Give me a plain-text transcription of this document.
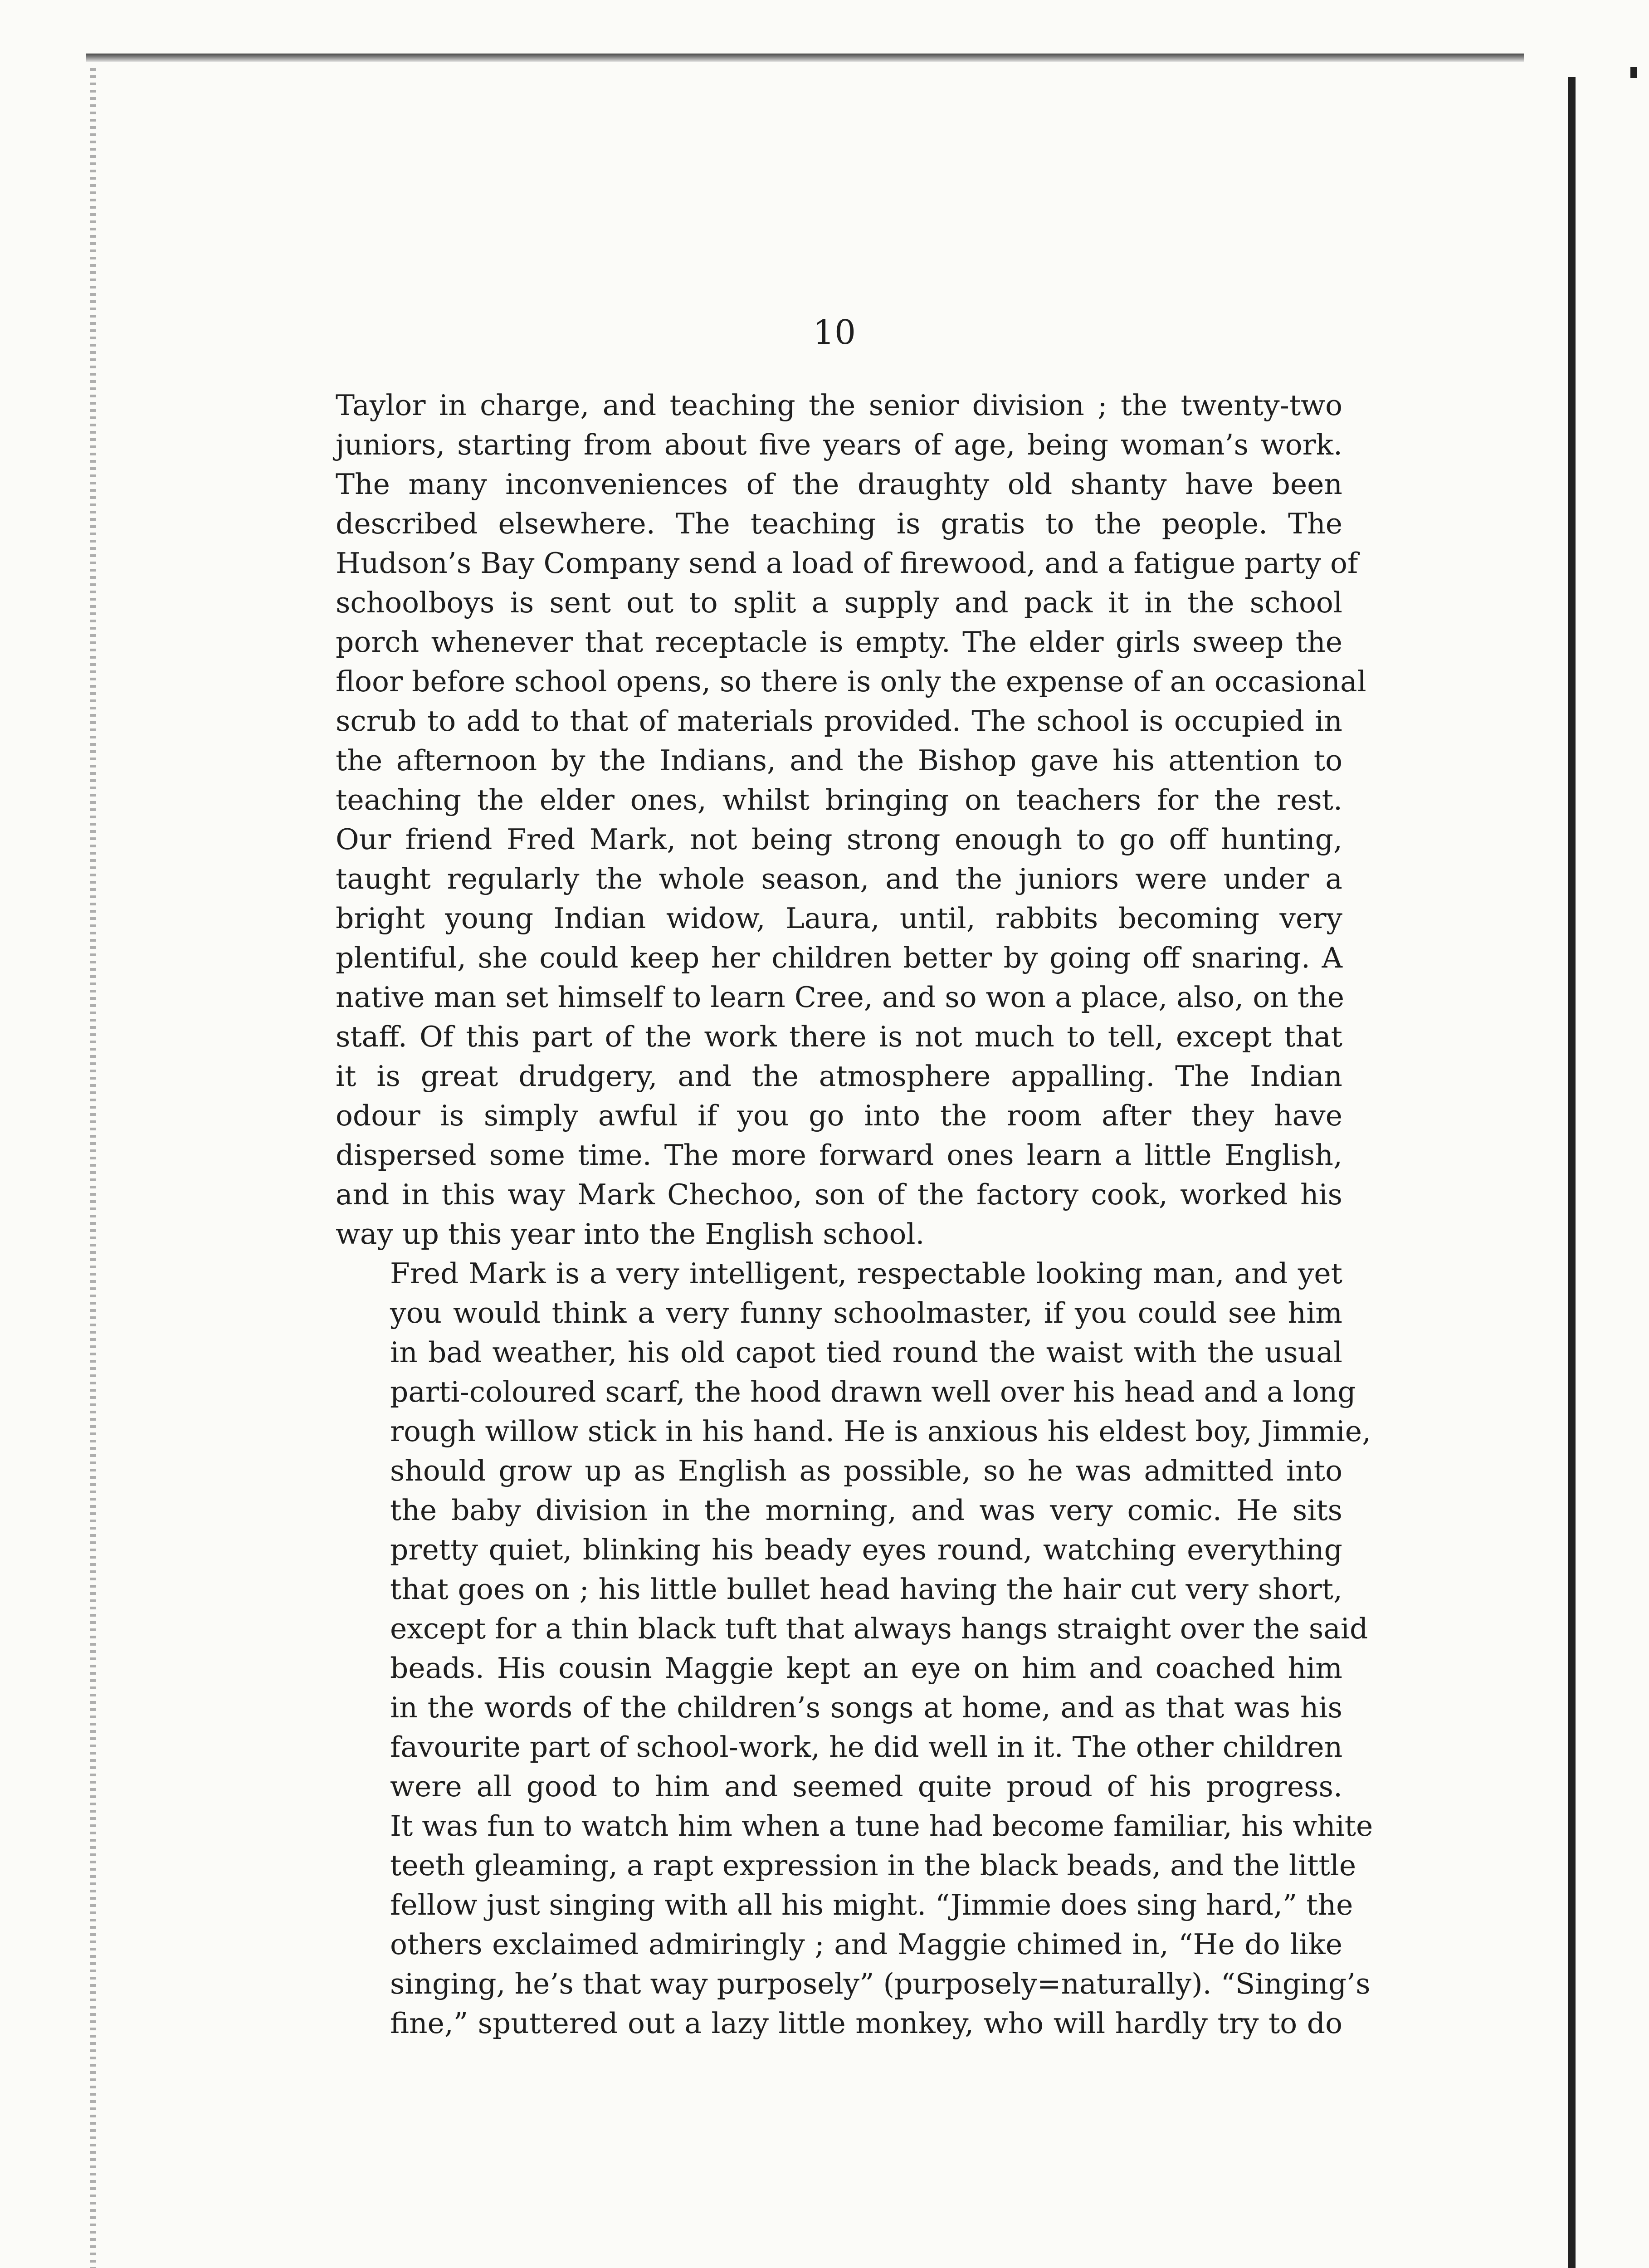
10

Taylor in charge, and teaching the senior division ; the twenty-two
juniors, starting from about five years of age, being woman’s work.
The many inconveniences of the draughty old shanty have been
described elsewhere. The teaching is gratis to the people. The
Hudson’s Bay Company send a load of firewood, and a fatigue party of
schoolboys is sent out to split a supply and pack it in the school
porch whenever that receptacle is empty. The elder girls sweep the
floor before school opens, so there is only the expense of an occasional
scrub to add to that of materials provided. The school is occupied in
the afternoon by the Indians, and the Bishop gave his attention to
teaching the elder ones, whilst bringing on teachers for the rest.
Our friend Fred Mark, not being strong enough to go off hunting,
taught regularly the whole season, and the juniors were under a
bright young Indian widow, Laura, until, rabbits becoming very
plentiful, she could keep her children better by going off snaring. A
native man set himself to learn Cree, and so won a place, also, on the
staff. Of this part of the work there is not much to tell, except that
it is great drudgery, and the atmosphere appalling. The Indian
odour is simply awful if you go into the room after they have
dispersed some time. The more forward ones learn a little English,
and in this way Mark Chechoo, son of the factory cook, worked his
way up this year into the English school.

Fred Mark is a very intelligent, respectable looking man, and yet
you would think a very funny schoolmaster, if you could see him
in bad weather, his old capot tied round the waist with the usual
parti-coloured scarf, the hood drawn well over his head and a long
rough willow stick in his hand. He is anxious his eldest boy, Jimmie,
should grow up as English as possible, so he was admitted into
the baby division in the morning, and was very comic. He sits
pretty quiet, blinking his beady eyes round, watching everything
that goes on ; his little bullet head having the hair cut very short,
except for a thin black tuft that always hangs straight over the said
beads. His cousin Maggie kept an eye on him and coached him
in the words of the children’s songs at home, and as that was his
favourite part of school-work, he did well in it. The other children
were all good to him and seemed quite proud of his progress.
It was fun to watch him when a tune had become familiar, his white
teeth gleaming, a rapt expression in the black beads, and the little
fellow just singing with all his might. “Jimmie does sing hard,” the
others exclaimed admiringly ; and Maggie chimed in, “He do like
singing, he’s that way purposely” (purposely=naturally). “Singing’s
fine,” sputtered out a lazy little monkey, who will hardly try to do
